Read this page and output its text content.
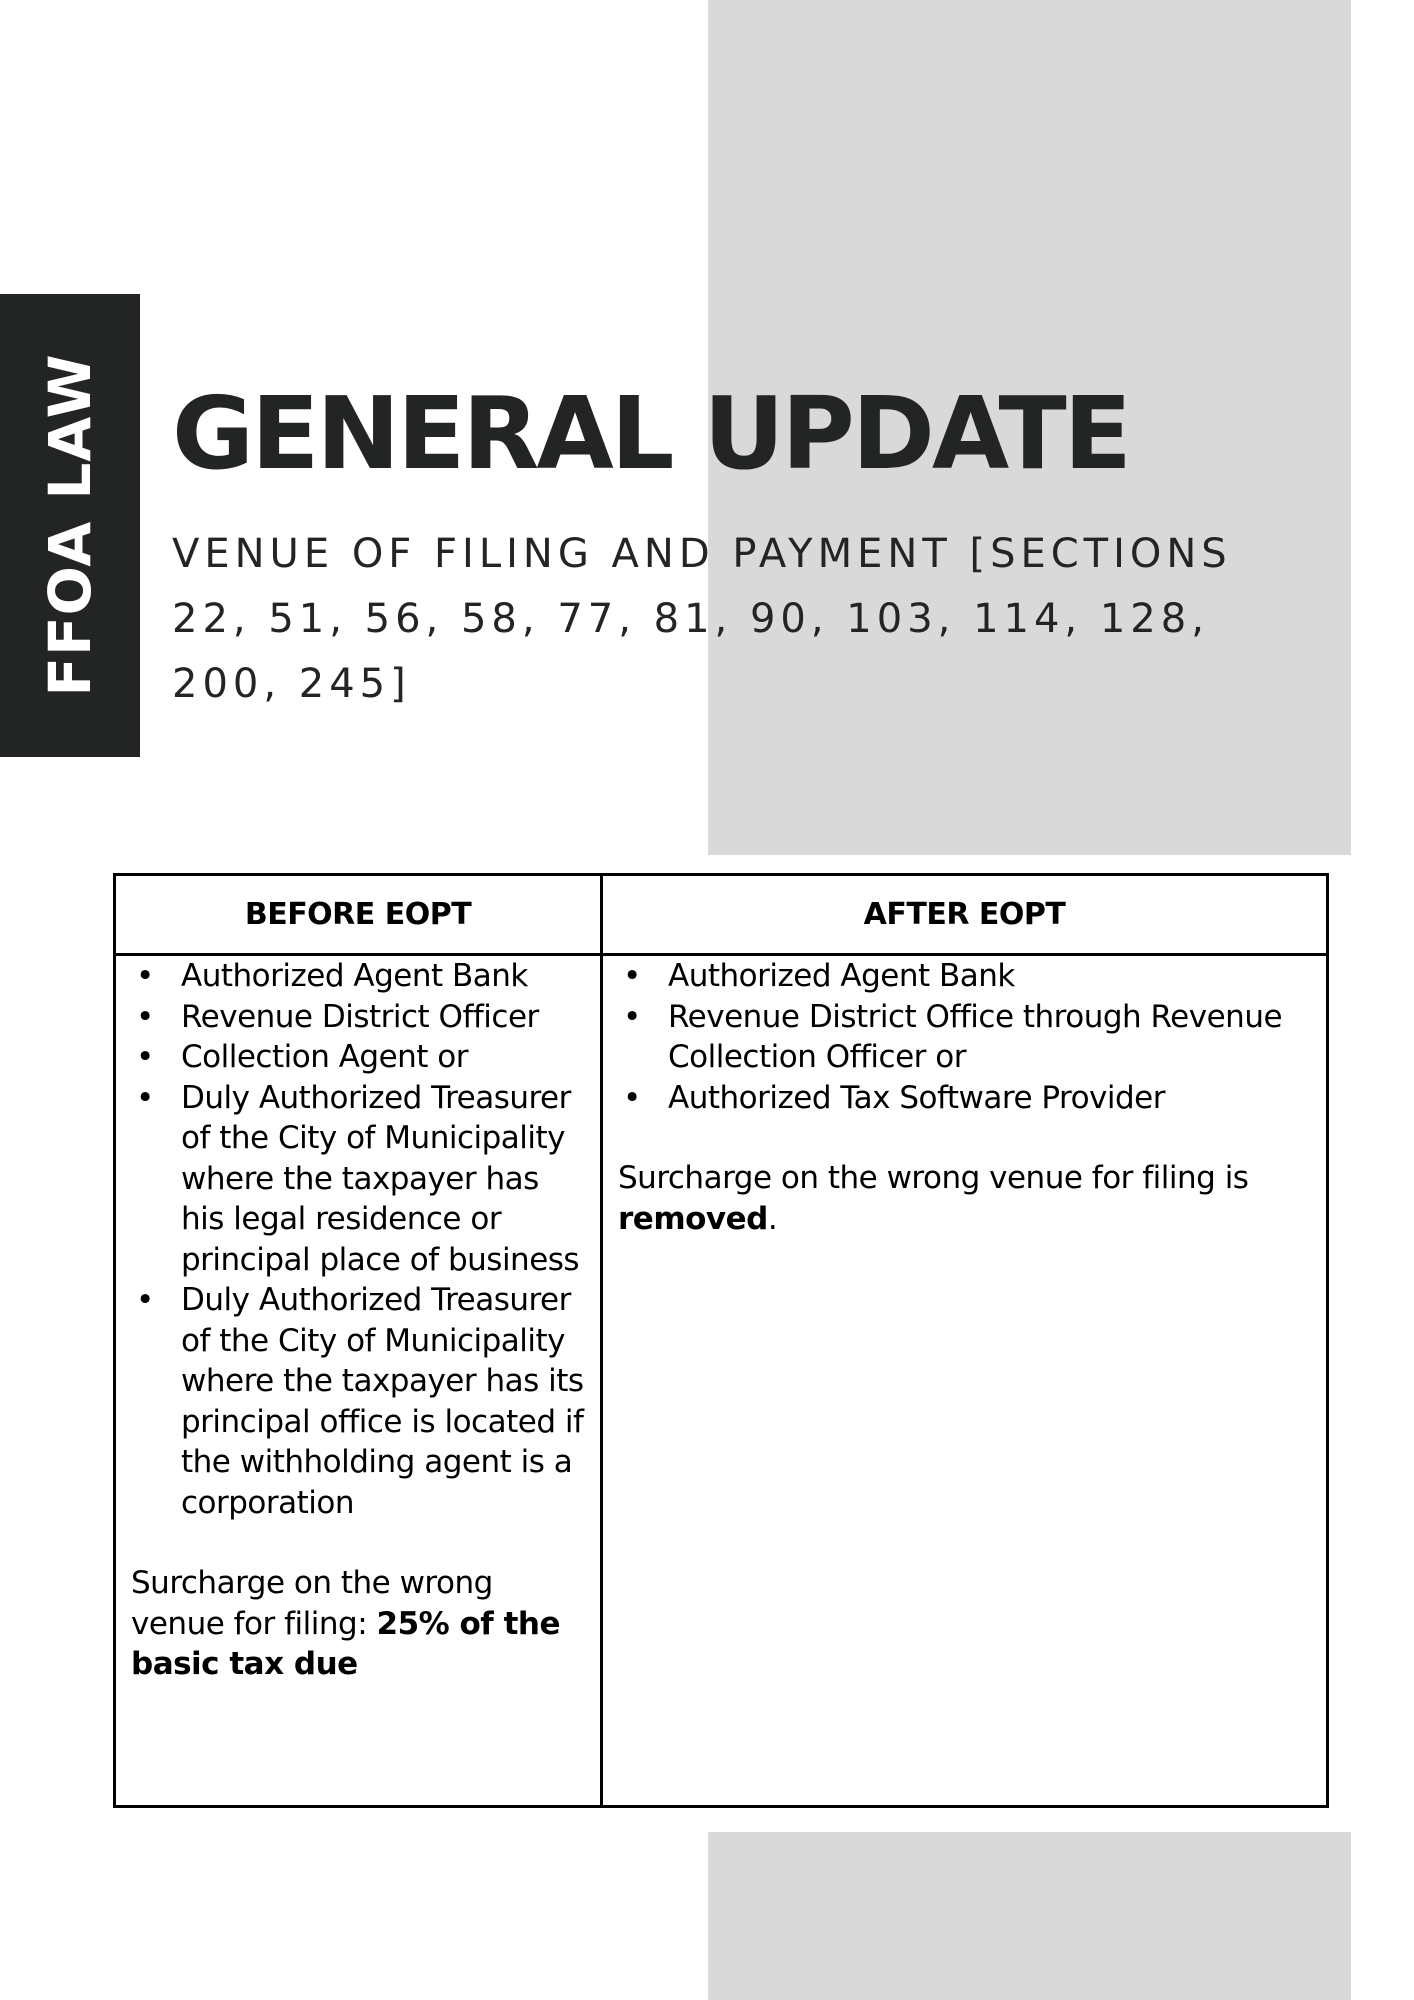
FFOA LAW GENERAL UPDATE

VENUE OF FILING AND PAYMENT [SECTIONS 22, 51, 56, 58, 77, 81, 90, 103, 114, 128, 200, 245]

BEFORE EOPT
• Authorized Agent Bank
• Revenue District Officer
• Collection Agent or
• Duly Authorized Treasurer of the City of Municipality where the taxpayer has his legal residence or principal place of business
• Duly Authorized Treasurer of the City of Municipality where the taxpayer has its principal office is located if the withholding agent is a corporation

Surcharge on the wrong venue for filing: 25% of the basic tax due

AFTER EOPT
• Authorized Agent Bank
• Revenue District Office through Revenue Collection Officer or
• Authorized Tax Software Provider

Surcharge on the wrong venue for filing is removed.
